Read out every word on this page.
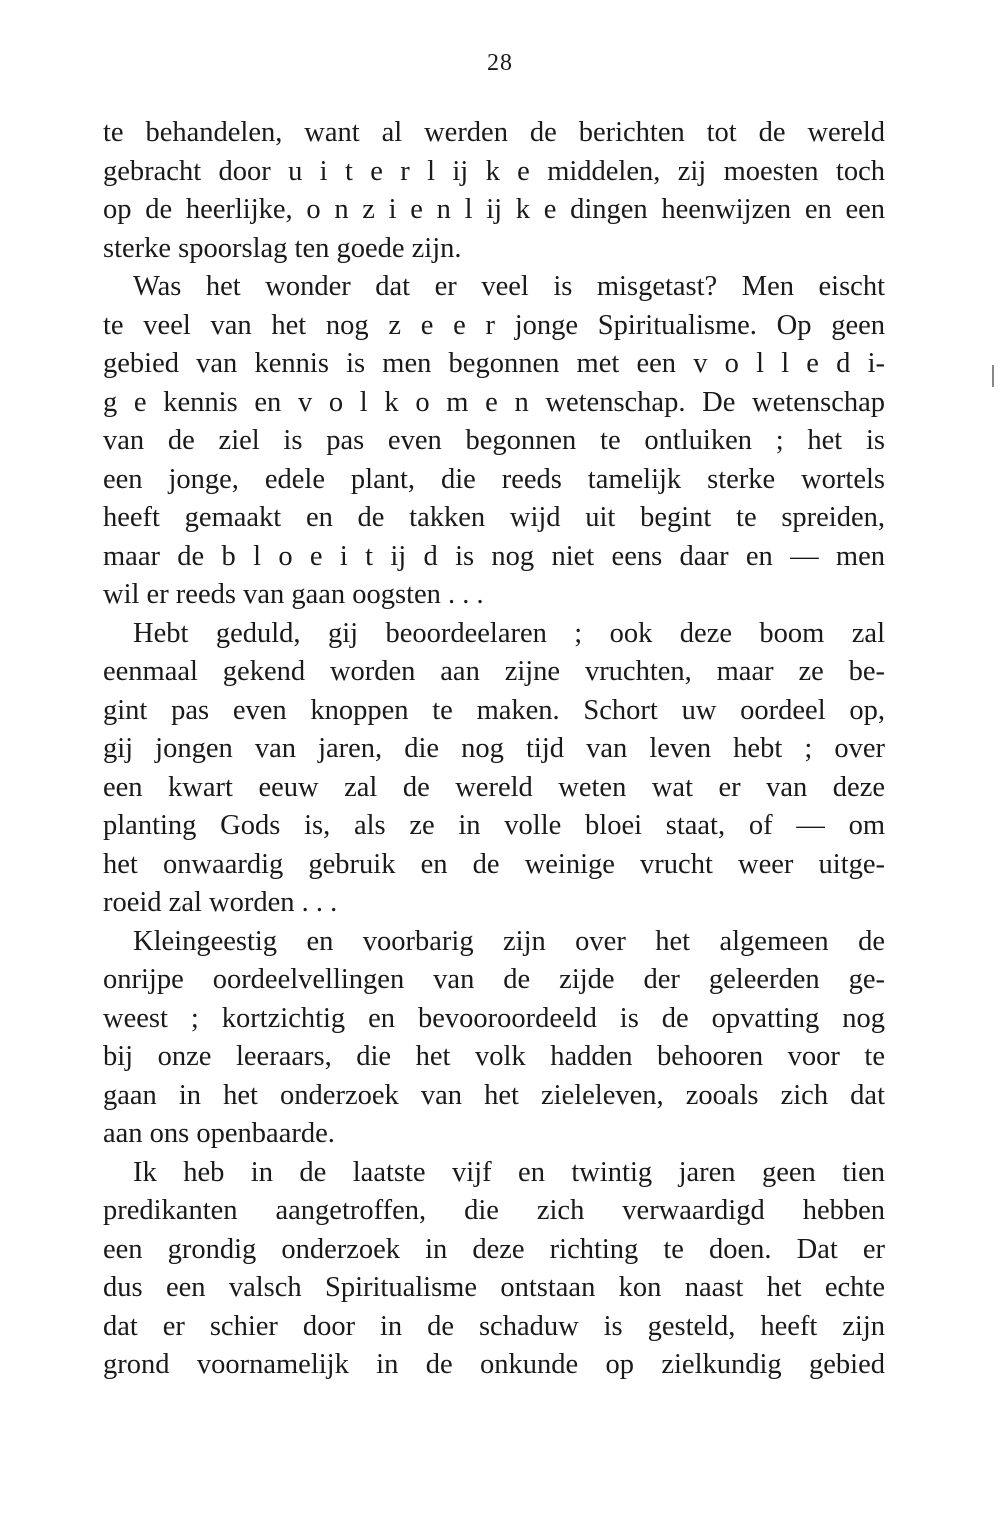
28
te behandelen, want al werden de berichten tot de wereld
gebracht door u i t e r l ij k e middelen, zij moesten toch
op de heerlijke, o n z i e n l ij k e dingen heenwijzen en een
sterke spoorslag ten goede zijn.
Was het wonder dat er veel is misgetast? Men eischt
te veel van het nog z e e r jonge Spiritualisme. Op geen
gebied van kennis is men begonnen met een v o l l e d i-
g e kennis en v o l k o m e n wetenschap. De wetenschap
van de ziel is pas even begonnen te ontluiken ; het is
een jonge, edele plant, die reeds tamelijk sterke wortels
heeft gemaakt en de takken wijd uit begint te spreiden,
maar de b l o e i t ij d is nog niet eens daar en — men
wil er reeds van gaan oogsten . . .
Hebt geduld, gij beoordeelaren ; ook deze boom zal
eenmaal gekend worden aan zijne vruchten, maar ze be-
gint pas even knoppen te maken. Schort uw oordeel op,
gij jongen van jaren, die nog tijd van leven hebt ; over
een kwart eeuw zal de wereld weten wat er van deze
planting Gods is, als ze in volle bloei staat, of — om
het onwaardig gebruik en de weinige vrucht weer uitge-
roeid zal worden . . .
Kleingeestig en voorbarig zijn over het algemeen de
onrijpe oordeelvellingen van de zijde der geleerden ge-
weest ; kortzichtig en bevooroordeeld is de opvatting nog
bij onze leeraars, die het volk hadden behooren voor te
gaan in het onderzoek van het zieleleven, zooals zich dat
aan ons openbaarde.
Ik heb in de laatste vijf en twintig jaren geen tien
predikanten aangetroffen, die zich verwaardigd hebben
een grondig onderzoek in deze richting te doen. Dat er
dus een valsch Spiritualisme ontstaan kon naast het echte
dat er schier door in de schaduw is gesteld, heeft zijn
grond voornamelijk in de onkunde op zielkundig gebied
